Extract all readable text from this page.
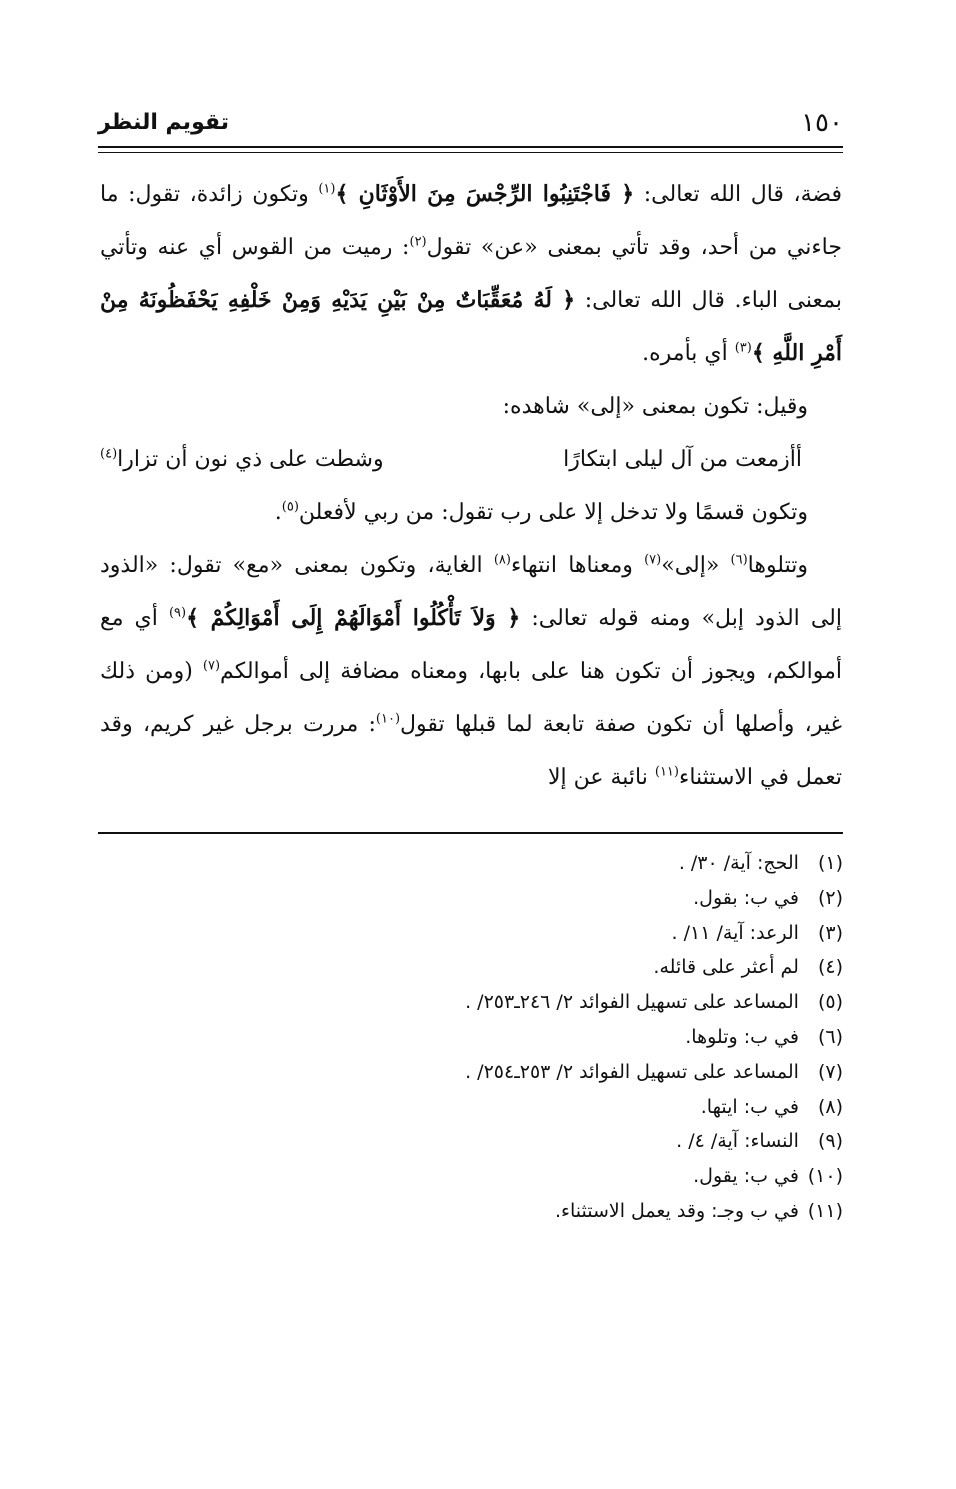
١٥٠
تقويم النظر

فضة، قال الله تعالى: ﴿ فَاجْتَنِبُوا الرِّجْسَ مِنَ الأَوْثَانِ ﴾$^{(١)}$ وتكون زائدة، تقول: ما جاءني من أحد، وقد تأتي بمعنى «عن» تقول$^{(٢)}$: رميت من القوس أي عنه وتأتي بمعنى الباء. قال الله تعالى: ﴿ لَهُ مُعَقِّبَاتٌ مِنْ بَيْنِ يَدَيْهِ وَمِنْ خَلْفِهِ يَحْفَظُونَهُ مِنْ أَمْرِ اللَّهِ ﴾$^{(٣)}$ أي بأمره.

وقيل: تكون بمعنى «إلى» شاهده:

أأزمعت من آل ليلى ابتكارًا
وشطت على ذي نون أن تزارا$^{(٤)}$

وتكون قسمًا ولا تدخل إلا على رب تقول: من ربي لأفعلن$^{(٥)}$.

وتتلوها$^{(٦)}$ «إلى»$^{(٧)}$ ومعناها انتهاء$^{(٨)}$ الغاية، وتكون بمعنى «مع» تقول: «الذود إلى الذود إبل» ومنه قوله تعالى: ﴿ وَلاَ تَأْكُلُوا أَمْوَالَهُمْ إِلَى أَمْوَالِكُمْ ﴾$^{(٩)}$ أي مع أموالكم، ويجوز أن تكون هنا على بابها، ومعناه مضافة إلى أموالكم$^{(٧)}$ (ومن ذلك غير، وأصلها أن تكون صفة تابعة لما قبلها تقول$^{(١٠)}$: مررت برجل غير كريم، وقد تعمل في الاستثناء$^{(١١)}$ نائبة عن إلا

(١) الحج: آية/ ٣٠/ .
(٢) في ب: بقول.
(٣) الرعد: آية/ ١١/ .
(٤) لم أعثر على قائله.
(٥) المساعد على تسهيل الفوائد ٢/ ٢٤٦ـ٢٥٣/ .
(٦) في ب: وتلوها.
(٧) المساعد على تسهيل الفوائد ٢/ ٢٥٣ـ٢٥٤/ .
(٨) في ب: ايتها.
(٩) النساء: آية/ ٤/ .
(١٠) في ب: يقول.
(١١) في ب وجـ: وقد يعمل الاستثناء.
